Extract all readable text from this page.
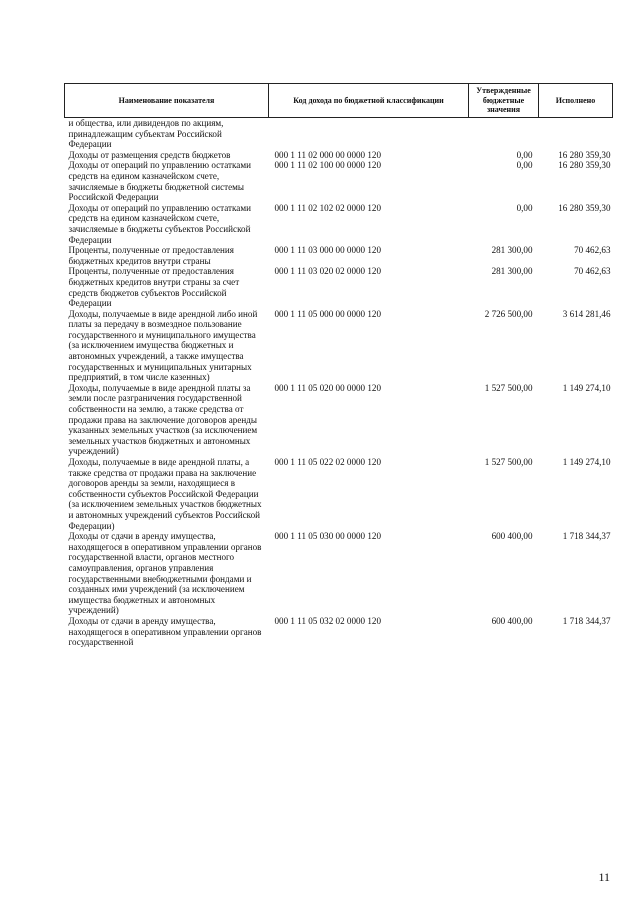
Наименование показателя	Код дохода по бюджетной классификации	Утвержденные бюджетные значения	Исполнено
и общества, или дивидендов по акциям, принадлежащим субъектам Российской Федерации			
Доходы от размещения средств бюджетов	000 1 11 02 000 00 0000 120	0,00	16 280 359,30
Доходы от операций по управлению остатками средств на едином казначейском счете, зачисляемые в бюджеты бюджетной системы Российской Федерации	000 1 11 02 100 00 0000 120	0,00	16 280 359,30
Доходы от операций по управлению остатками средств на едином казначейском счете, зачисляемые в бюджеты субъектов Российской Федерации	000 1 11 02 102 02 0000 120	0,00	16 280 359,30
Проценты, полученные от предоставления бюджетных кредитов внутри страны	000 1 11 03 000 00 0000 120	281 300,00	70 462,63
Проценты, полученные от предоставления бюджетных кредитов внутри страны за счет средств бюджетов субъектов Российской Федерации	000 1 11 03 020 02 0000 120	281 300,00	70 462,63
Доходы, получаемые в виде арендной либо иной платы за передачу в возмездное пользование государственного и муниципального имущества (за исключением имущества бюджетных и автономных учреждений, а также имущества государственных и муниципальных унитарных предприятий, в том числе казенных)	000 1 11 05 000 00 0000 120	2 726 500,00	3 614 281,46
Доходы, получаемые в виде арендной платы за земли после разграничения государственной собственности на землю, а также средства от продажи права на заключение договоров аренды указанных земельных участков (за исключением земельных участков бюджетных и автономных учреждений)	000 1 11 05 020 00 0000 120	1 527 500,00	1 149 274,10
Доходы, получаемые в виде арендной платы, а также средства от продажи права на заключение договоров аренды за земли, находящиеся в собственности субъектов Российской Федерации (за исключением земельных участков бюджетных и автономных учреждений субъектов Российской Федерации)	000 1 11 05 022 02 0000 120	1 527 500,00	1 149 274,10
Доходы от сдачи в аренду имущества, находящегося в оперативном управлении органов государственной власти, органов местного самоуправления, органов управления государственными внебюджетными фондами и созданных ими учреждений (за исключением имущества бюджетных и автономных учреждений)	000 1 11 05 030 00 0000 120	600 400,00	1 718 344,37
Доходы от сдачи в аренду имущества, находящегося в оперативном управлении органов государственной	000 1 11 05 032 02 0000 120	600 400,00	1 718 344,37
11
